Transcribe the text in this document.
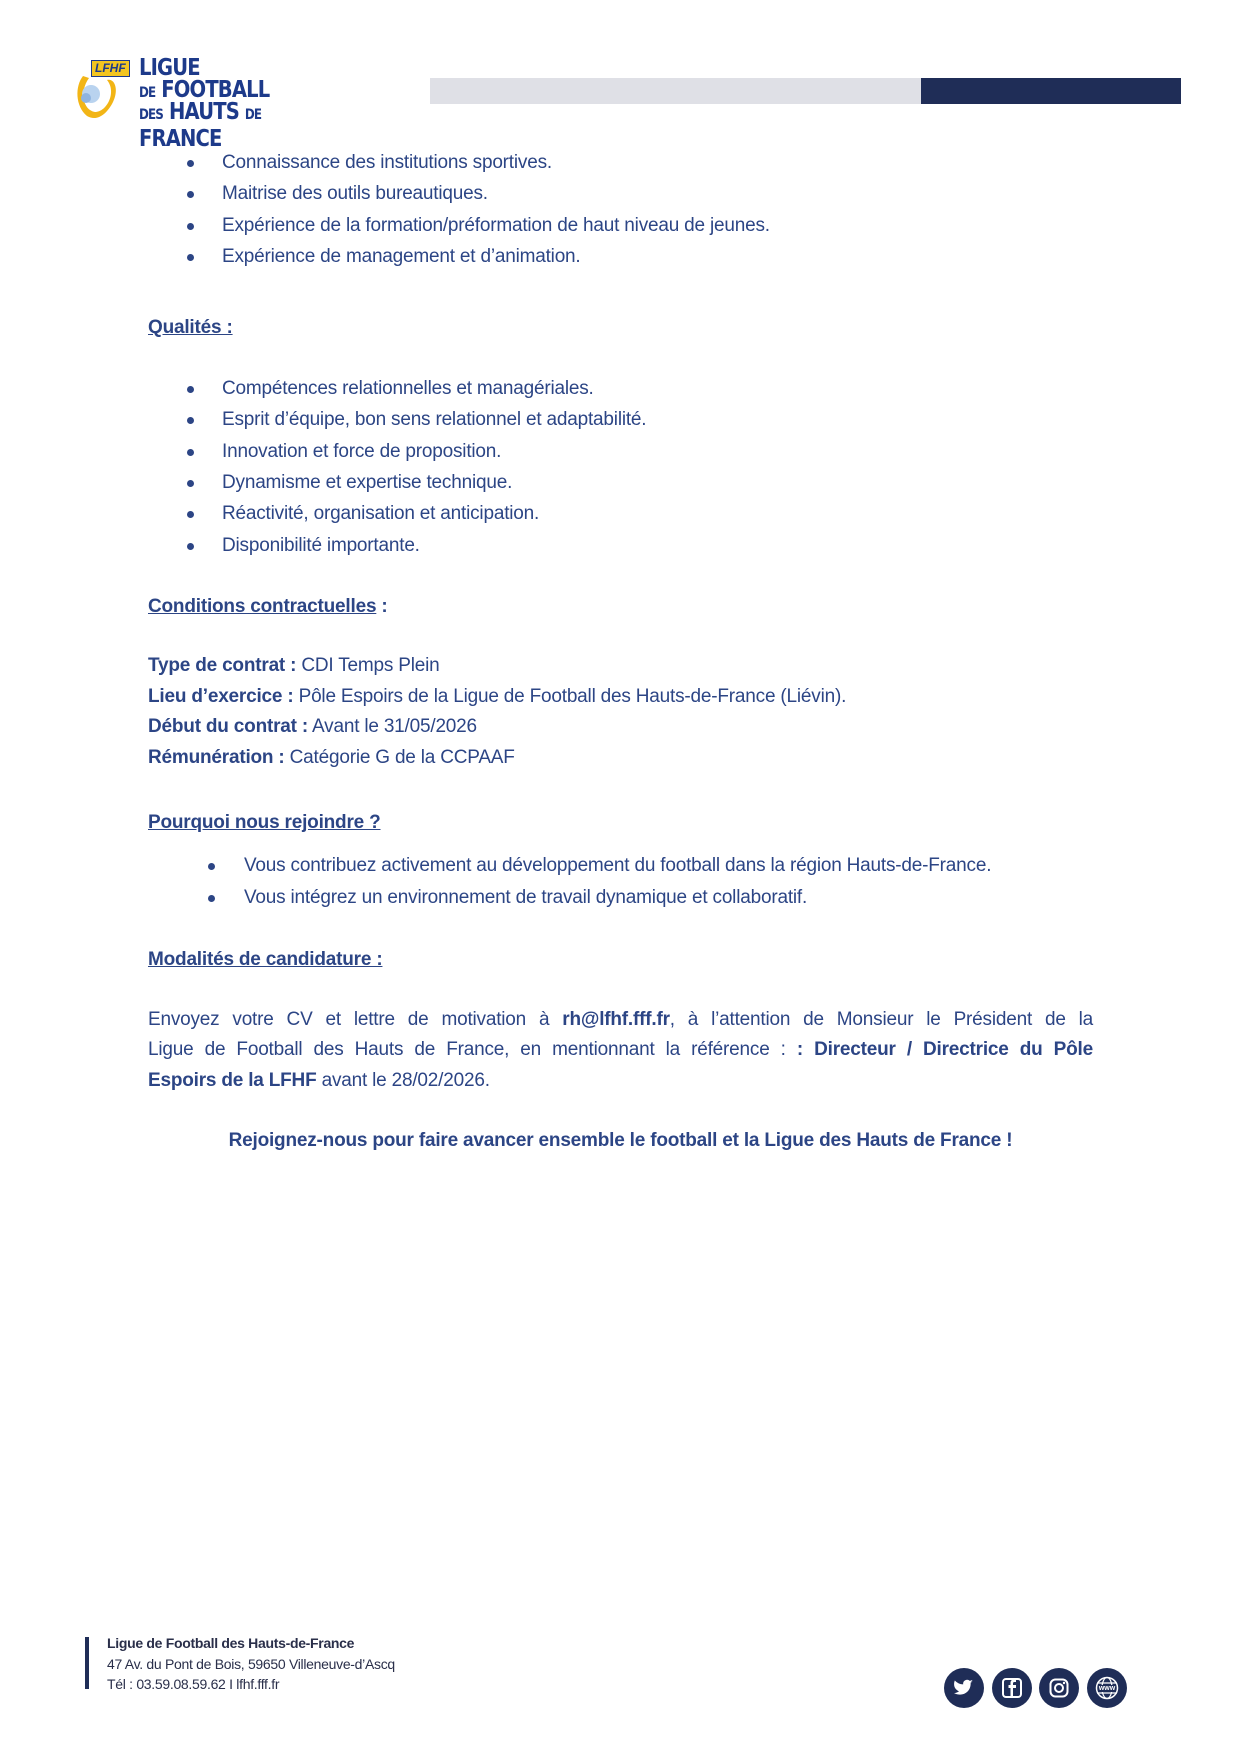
LFHF LIGUE
DE FOOTBALL
DES HAUTS DE FRANCE
Connaissance des institutions sportives.
Maitrise des outils bureautiques.
Expérience de la formation/préformation de haut niveau de jeunes.
Expérience de management et d’animation.
Qualités :
Compétences relationnelles et managériales.
Esprit d’équipe, bon sens relationnel et adaptabilité.
Innovation et force de proposition.
Dynamisme et expertise technique.
Réactivité, organisation et anticipation.
Disponibilité importante.
Conditions contractuelles :
Type de contrat : CDI Temps Plein
Lieu d’exercice : Pôle Espoirs de la Ligue de Football des Hauts-de-France (Liévin).
Début du contrat : Avant le 31/05/2026
Rémunération : Catégorie G de la CCPAAF
Pourquoi nous rejoindre ?
Vous contribuez activement au développement du football dans la région Hauts-de-France.
Vous intégrez un environnement de travail dynamique et collaboratif.
Modalités de candidature :
Envoyez votre CV et lettre de motivation à rh@lfhf.fff.fr, à l’attention de Monsieur le Président de la
Ligue de Football des Hauts de France, en mentionnant la référence : : Directeur / Directrice du Pôle
Espoirs de la LFHF avant le 28/02/2026.
Rejoignez-nous pour faire avancer ensemble le football et la Ligue des Hauts de France !
Ligue de Football des Hauts-de-France
47 Av. du Pont de Bois, 59650 Villeneuve-d’Ascq
Tél : 03.59.08.59.62 I lfhf.fff.fr	www
